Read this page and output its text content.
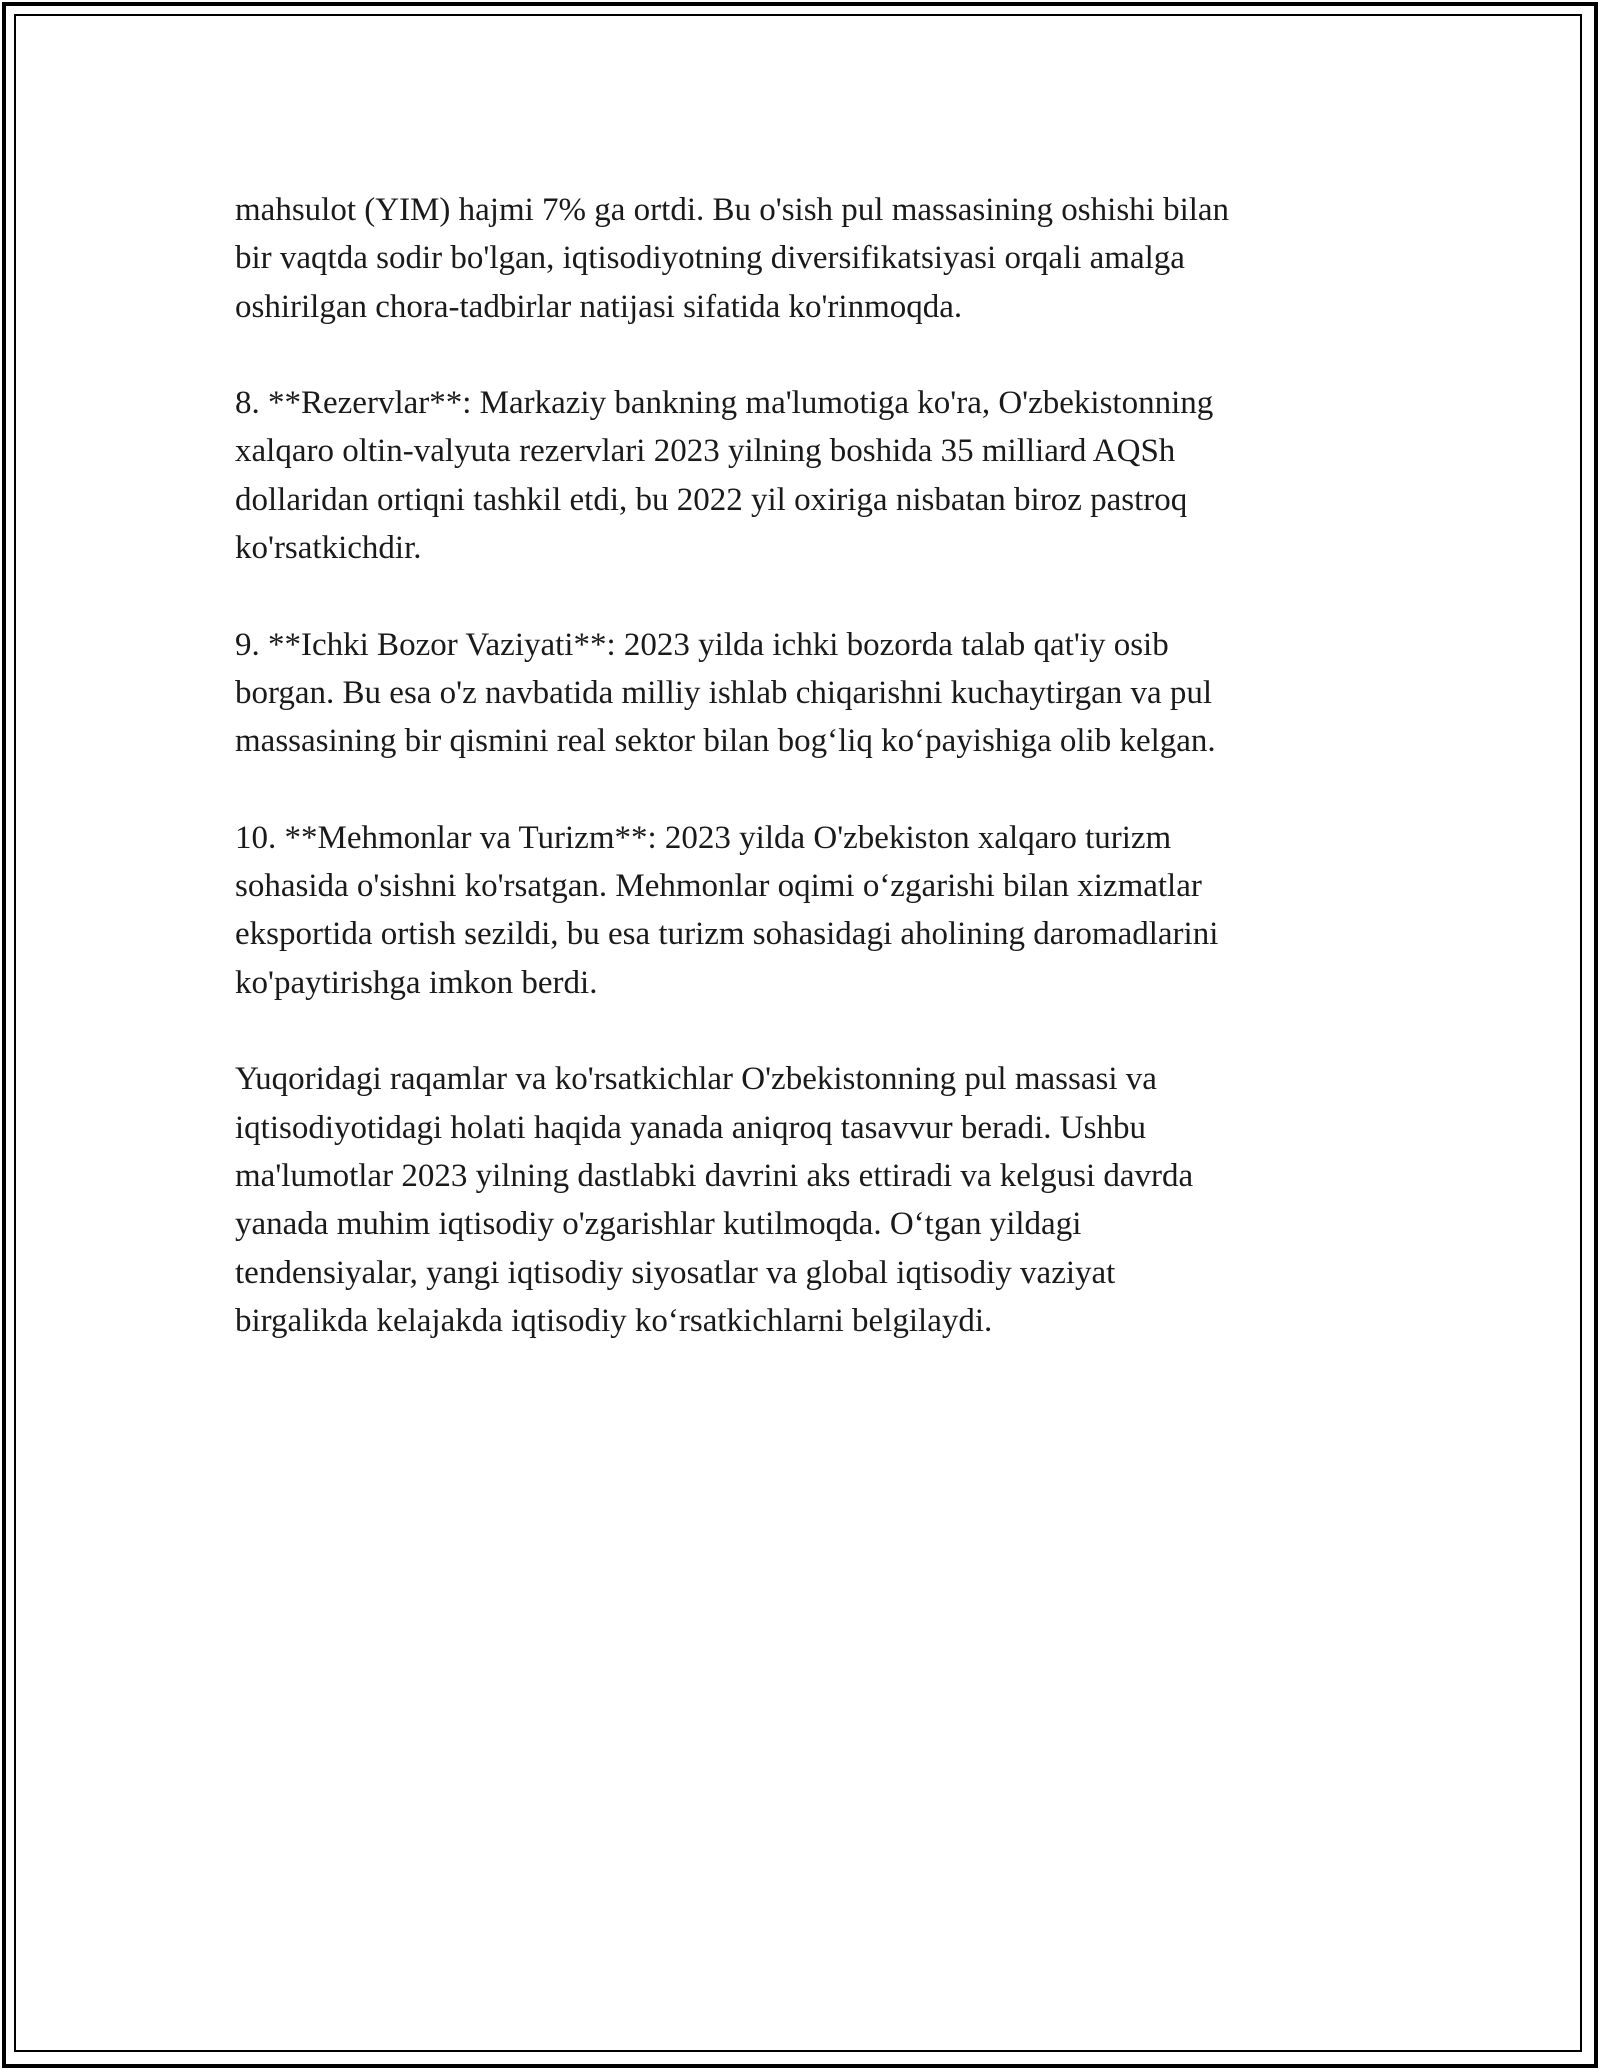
mahsulot (YIM) hajmi 7% ga ortdi. Bu o'sish pul massasining oshishi bilan
bir vaqtda sodir bo'lgan, iqtisodiyotning diversifikatsiyasi orqali amalga
oshirilgan chora-tadbirlar natijasi sifatida ko'rinmoqda.

8. **Rezervlar**: Markaziy bankning ma'lumotiga ko'ra, O'zbekistonning
xalqaro oltin-valyuta rezervlari 2023 yilning boshida 35 milliard AQSh
dollaridan ortiqni tashkil etdi, bu 2022 yil oxiriga nisbatan biroz pastroq
ko'rsatkichdir.

9. **Ichki Bozor Vaziyati**: 2023 yilda ichki bozorda talab qat'iy osib
borgan. Bu esa o'z navbatida milliy ishlab chiqarishni kuchaytirgan va pul
massasining bir qismini real sektor bilan bog‘liq ko‘payishiga olib kelgan.

10. **Mehmonlar va Turizm**: 2023 yilda O'zbekiston xalqaro turizm
sohasida o'sishni ko'rsatgan. Mehmonlar oqimi o‘zgarishi bilan xizmatlar
eksportida ortish sezildi, bu esa turizm sohasidagi aholining daromadlarini
ko'paytirishga imkon berdi.

Yuqoridagi raqamlar va ko'rsatkichlar O'zbekistonning pul massasi va
iqtisodiyotidagi holati haqida yanada aniqroq tasavvur beradi. Ushbu
ma'lumotlar 2023 yilning dastlabki davrini aks ettiradi va kelgusi davrda
yanada muhim iqtisodiy o'zgarishlar kutilmoqda. O‘tgan yildagi
tendensiyalar, yangi iqtisodiy siyosatlar va global iqtisodiy vaziyat
birgalikda kelajakda iqtisodiy ko‘rsatkichlarni belgilaydi.
